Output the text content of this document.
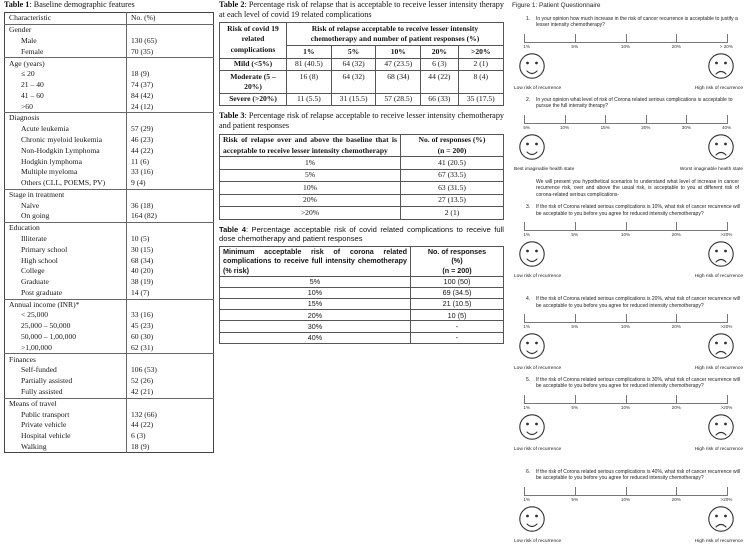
Table 1: Baseline demographic features

Characteristic	No. (%)
Gender	
Male	130 (65)
Female	70 (35)
Age (years)	
≤ 20	18 (9)
21 – 40	74 (37)
41 – 60	84 (42)
>60	24 (12)
Diagnosis	
Acute leukemia	57 (29)
Chronic myeloid leukemia	46 (23)
Non-Hodgkin Lymphoma	44 (22)
Hodgkin lymphoma	11 (6)
Multiple myeloma	33 (16)
Others (CLL, POEMS, PV)	9 (4)
Stage in treatment	
Naïve	36 (18)
On going	164 (82)
Education	
Illiterate	10 (5)
Primary school	30 (15)
High school	68 (34)
College	40 (20)
Graduate	38 (19)
Post graduate	14 (7)
Annual income (INR)*	
< 25,000	33 (16)
25,000 – 50,000	45 (23)
50,000 – 1,00,000	60 (30)
>1,00,000	62 (31)
Finances	
Self-funded	106 (53)
Partially assisted	52 (26)
Fully assisted	42 (21)
Means of travel	
Public transport	132 (66)
Private vehicle	44 (22)
Hospital vehicle	6 (3)
Walking	18 (9)

Table 2: Percentage risk of relapse that is acceptable to receive lesser intensity therapy at each level of covid 19 related complications

Risk of covid 19 related complications	Risk of relapse acceptable to receive lesser intensity chemotherapy and number of patient responses (%)				
	1%	5%	10%	20%	>20%
Mild (<5%)	81 (40.5)	64 (32)	47 (23.5)	6 (3)	2 (1)
Moderate (5 – 20%)	16 (8)	64 (32)	68 (34)	44 (22)	8 (4)
Severe (>20%)	11 (5.5)	31 (15.5)	57 (28.5)	66 (33)	35 (17.5)

Table 3: Percentage risk of relapse acceptable to receive lesser intensity chemotherapy and patient responses

Risk of relapse over and above the baseline that is acceptable to receive lesser intensity chemotherapy	No. of responses (%)
(n = 200)
1%	41 (20.5)
5%	67 (33.5)
10%	63 (31.5)
20%	27 (13.5)
>20%	2 (1)

Table 4: Percentage acceptable risk of covid related complications to receive full dose chemotherapy and patient responses

Minimum acceptable risk of corona related complications to receive full intensity chemotherapy (% risk)	No. of responses
(%)
(n = 200)
5%	100 (50)
10%	69 (34.5)
15%	21 (10.5)
20%	10 (5)
30%	-
40%	-
Figure 1: Patient Questionnaire
1.	In your opinion how much increase in the risk of cancer recurrence is acceptable to justify a lesser intensity chemotherapy?
1%	5%	10%	20%	> 20%
Low risk of recurrence	High risk of recurrence
2.	In your opinion what level of risk of Corona related serious complications is acceptable to pursue the full intensity therapy?
5%	10%	15%	20%	30%	40%
Best imaginable health state	Worst imaginable health state
We will present you hypothetical scenarios to understand what level of increase in cancer recurrence risk, over and above the usual risk, is acceptable to you at different risk of corona-related serious complications-
3.	If the risk of Corona related serious complications is 10%, what risk of cancer recurrence will be acceptable to you before you agree for reduced intensity chemotherapy?
1%	5%	10%	20%	>20%
Low risk of recurrence	High risk of recurrence
4.	If the risk of Corona related serious complications is 20%, what risk of cancer recurrence will be acceptable to you before you agree for reduced intensity chemotherapy?
1%	5%	10%	20%	>20%
Low risk of recurrence	High risk of recurrence
5.	If the risk of Corona related serious complications is 30%, what risk of cancer recurrence will be acceptable to you before you agree for reduced intensity chemotherapy?
1%	5%	10%	20%	>20%
Low risk of recurrence	High risk of recurrence
6.	If the risk of Corona related serious complications is 40%, what risk of cancer recurrence will be acceptable to you before you agree for reduced intensity chemotherapy?
1%	5%	10%	20%	>20%
Low risk of recurrence	High risk of recurrence
